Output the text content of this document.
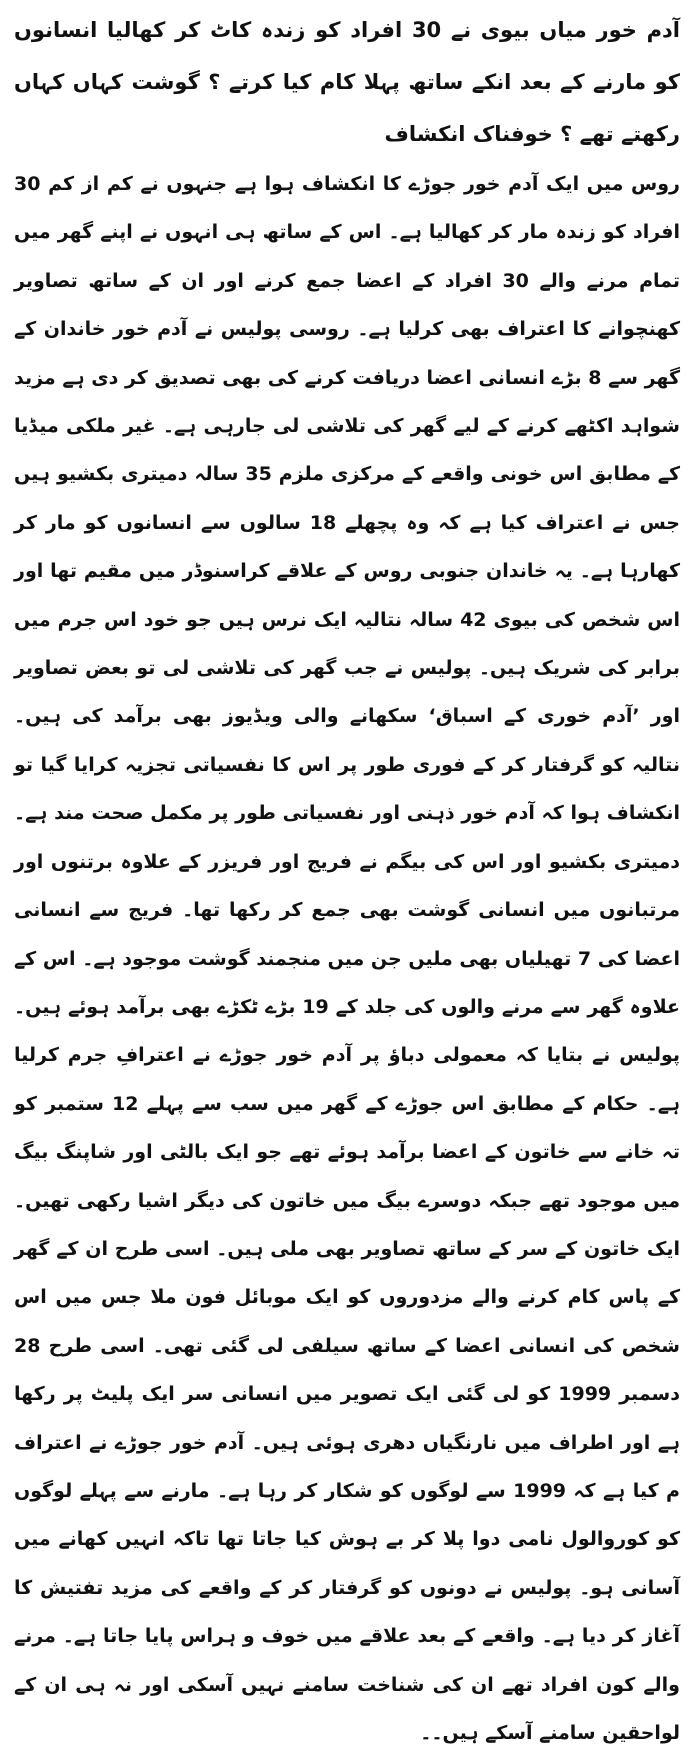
آدم خور میاں بیوی نے 30 افراد کو زندہ کاٹ کر کھالیا انسانوں کو مارنے کے بعد انکے ساتھ پہلا کام کیا کرتے ؟ گوشت کہاں کہاں رکھتے تھے ؟ خوفناک انکشاف

روس میں ایک آدم خور جوڑے کا انکشاف ہوا ہے جنہوں نے کم از کم 30 افراد کو زندہ مار کر کھالیا ہے۔ اس کے ساتھ ہی انہوں نے اپنے گھر میں تمام مرنے والے 30 افراد کے اعضا جمع کرنے اور ان کے ساتھ تصاویر کھنچوانے کا اعتراف بھی کرلیا ہے۔ روسی پولیس نے آدم خور خاندان کے گھر سے 8 بڑے انسانی اعضا دریافت کرنے کی بھی تصدیق کر دی ہے مزید شواہد اکٹھے کرنے کے لیے گھر کی تلاشی لی جارہی ہے۔ غیر ملکی میڈیا کے مطابق اس خونی واقعے کے مرکزی ملزم 35 سالہ دمیتری بکشیو ہیں جس نے اعتراف کیا ہے کہ وہ پچھلے 18 سالوں سے انسانوں کو مار کر کھارہا ہے۔ یہ خاندان جنوبی روس کے علاقے کراسنوڈر میں مقیم تھا اور اس شخص کی بیوی 42 سالہ نتالیہ ایک نرس ہیں جو خود اس جرم میں برابر کی شریک ہیں۔ پولیس نے جب گھر کی تلاشی لی تو بعض تصاویر اور ’آدم خوری کے اسباق‘ سکھانے والی ویڈیوز بھی برآمد کی ہیں۔ نتالیہ کو گرفتار کر کے فوری طور پر اس کا نفسیاتی تجزیہ کرایا گیا تو انکشاف ہوا کہ آدم خور ذہنی اور نفسیاتی طور پر مکمل صحت مند ہے۔ دمیتری بکشیو اور اس کی بیگم نے فریج اور فریزر کے علاوہ برتنوں اور مرتبانوں میں انسانی گوشت بھی جمع کر رکھا تھا۔ فریج سے انسانی اعضا کی 7 تھیلیاں بھی ملیں جن میں منجمند گوشت موجود ہے۔ اس کے علاوہ گھر سے مرنے والوں کی جلد کے 19 بڑے ٹکڑے بھی برآمد ہوئے ہیں۔ پولیس نے بتایا کہ معمولی دباؤ پر آدم خور جوڑے نے اعترافِ جرم کرلیا ہے۔ حکام کے مطابق اس جوڑے کے گھر میں سب سے پہلے 12 ستمبر کو تہ خانے سے خاتون کے اعضا برآمد ہوئے تھے جو ایک بالٹی اور شاپنگ بیگ میں موجود تھے جبکہ دوسرے بیگ میں خاتون کی دیگر اشیا رکھی تھیں۔ ایک خاتون کے سر کے ساتھ تصاویر بھی ملی ہیں۔ اسی طرح ان کے گھر کے پاس کام کرنے والے مزدوروں کو ایک موبائل فون ملا جس میں اس شخص کی انسانی اعضا کے ساتھ سیلفی لی گئی تھی۔ اسی طرح 28 دسمبر 1999 کو لی گئی ایک تصویر میں انسانی سر ایک پلیٹ پر رکھا ہے اور اطراف میں نارنگیاں دھری ہوئی ہیں۔ آدم خور جوڑے نے اعتراف م کیا ہے کہ 1999 سے لوگوں کو شکار کر رہا ہے۔ مارنے سے پہلے لوگوں کو کوروالول نامی دوا پلا کر بے ہوش کیا جاتا تھا تاکہ انہیں کھانے میں آسانی ہو۔ پولیس نے دونوں کو گرفتار کر کے واقعے کی مزید تفتیش کا آغاز کر دیا ہے۔ واقعے کے بعد علاقے میں خوف و ہراس پایا جاتا ہے۔ مرنے والے کون افراد تھے ان کی شناخت سامنے نہیں آسکی اور نہ ہی ان کے لواحقین سامنے آسکے ہیں۔۔
